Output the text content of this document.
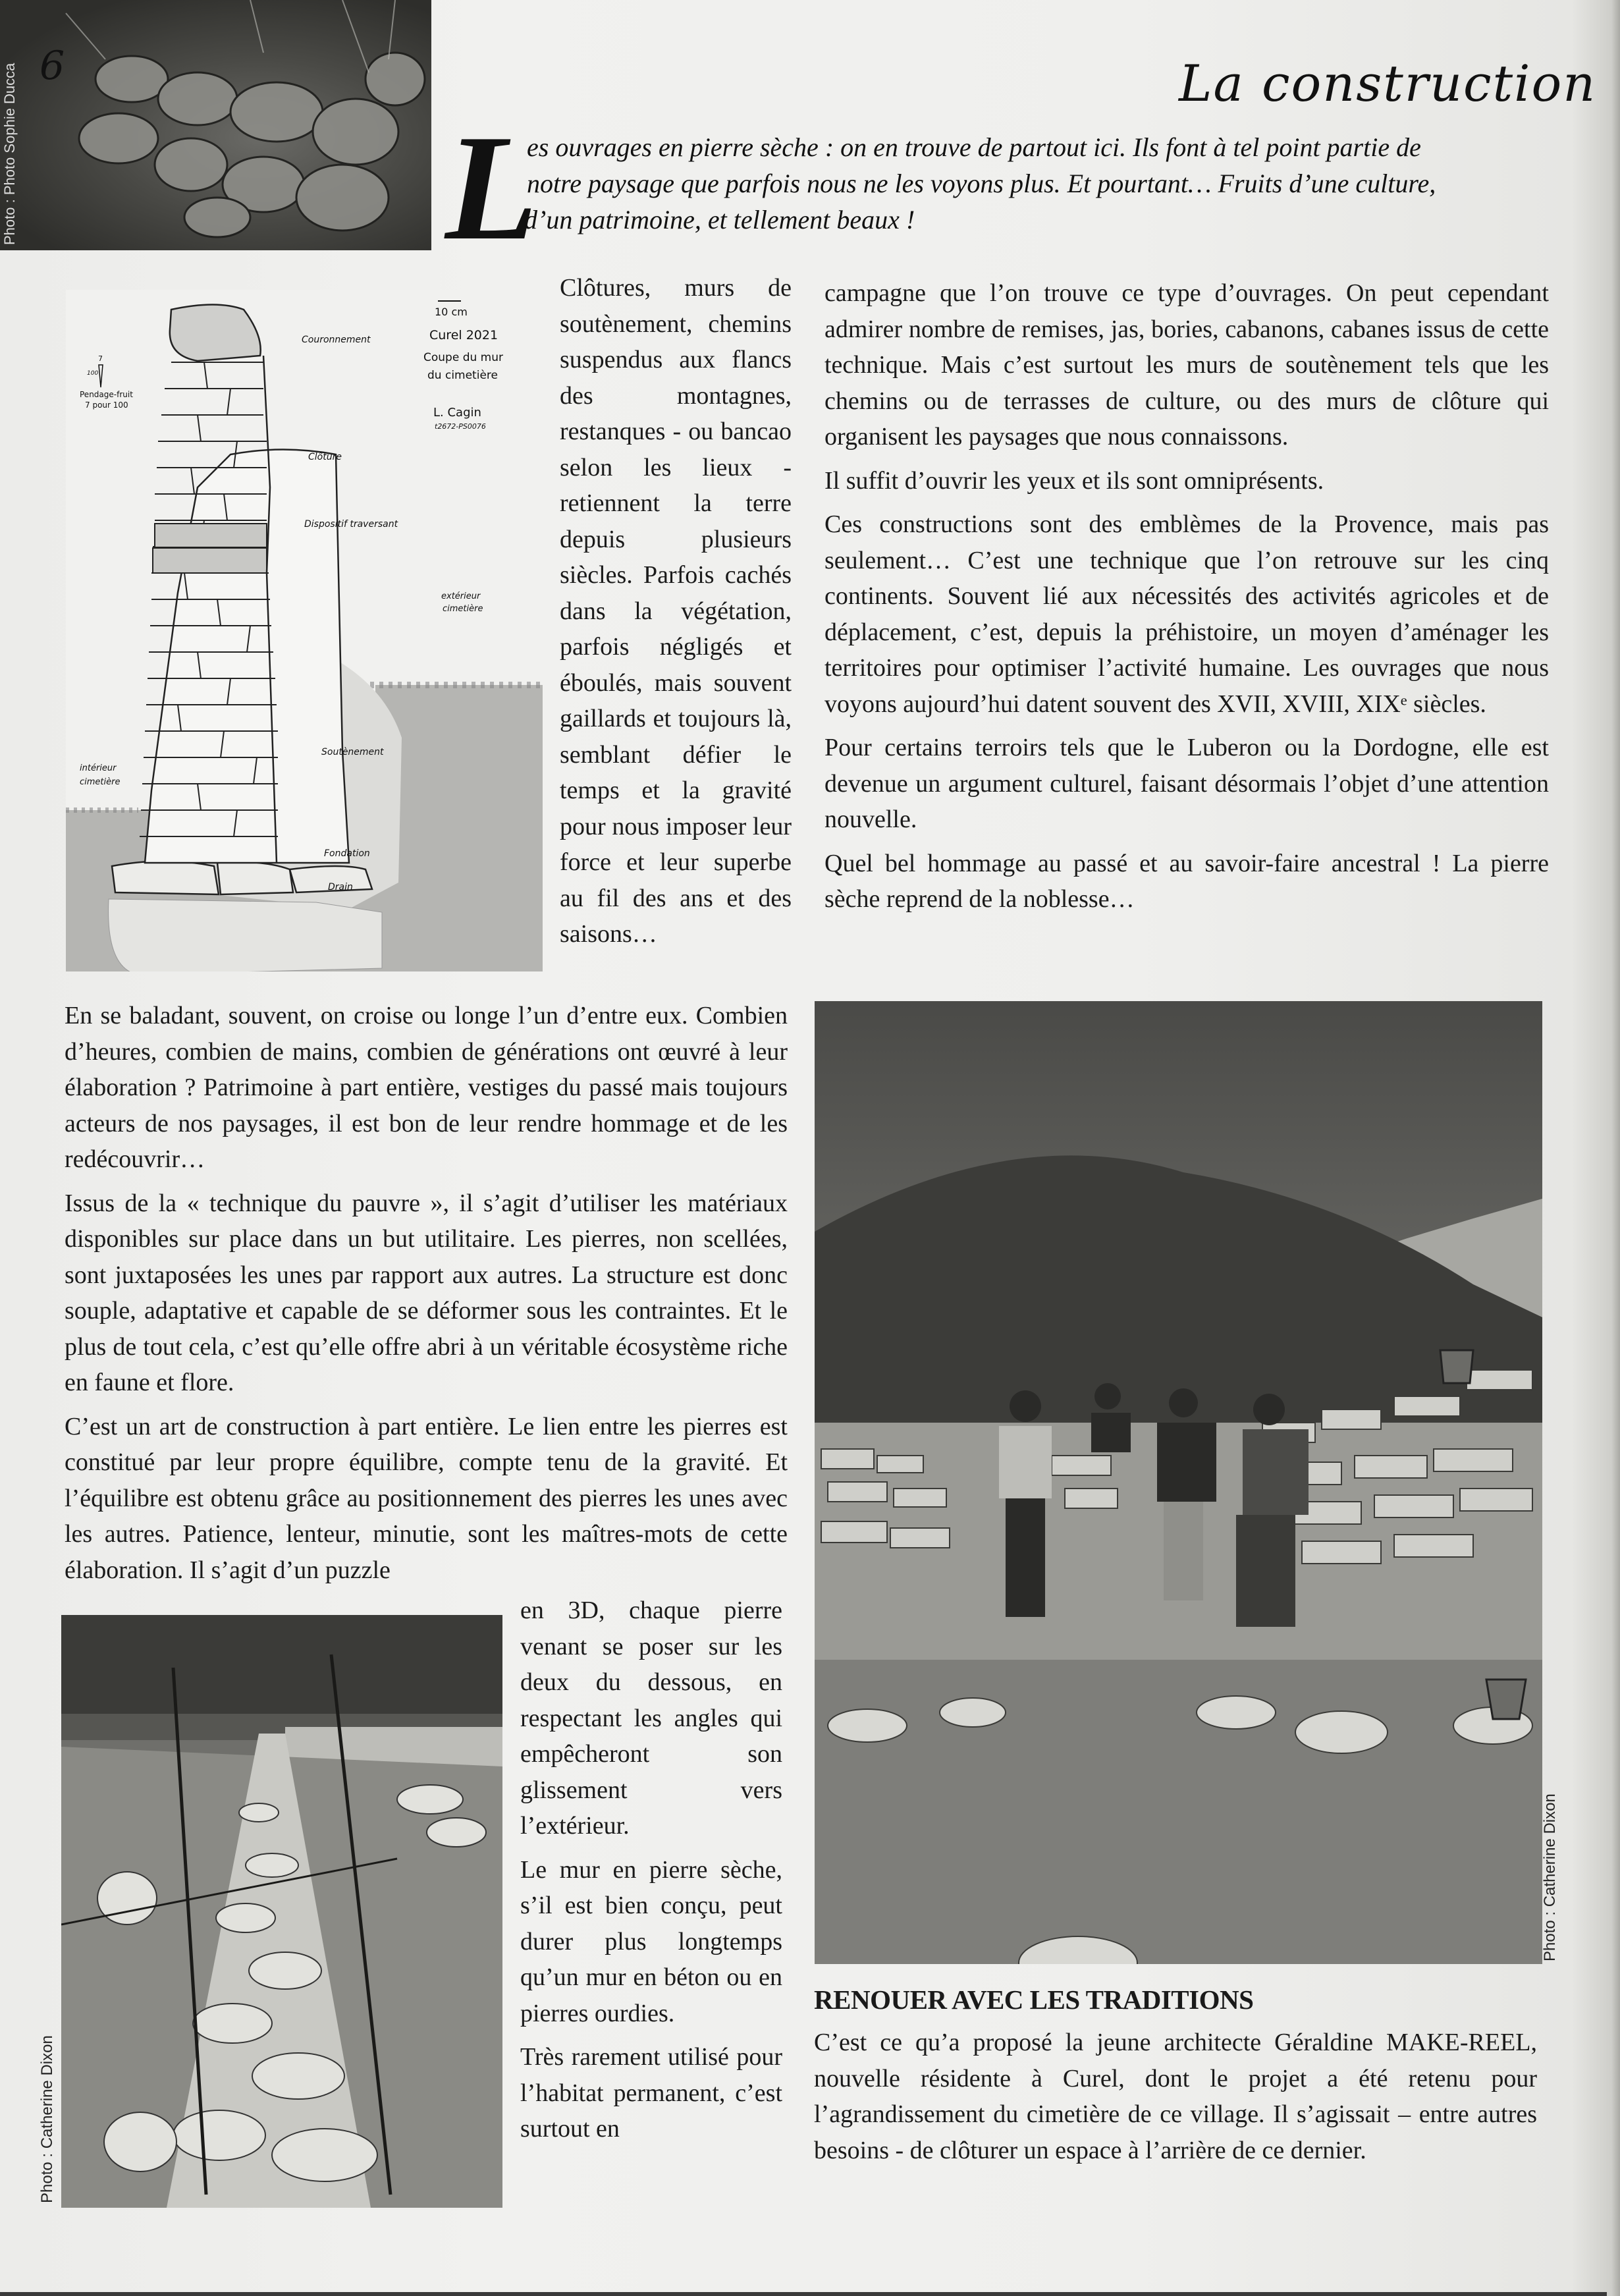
6
Photo : Photo Sophie Ducca	La construction
L
es ouvrages en pierre sèche : on en trouve de partout ici. Ils font à tel point partie de
notre paysage que parfois nous ne les voyons plus. Et pourtant… Fruits d’une culture,
d’un patrimoine, et tellement beaux !
10 cm
Curel 2021
Coupe du mur
du cimetière
L. Cagin
t2672-PS0076
7
100
Pendage-fruit
7 pour 100
Couronnement
Clôture
Dispositif traversant
extérieur
cimetière
Soutènement
intérieur
cimetière
Fondation
Drain

Clôtures, murs de soutènement, chemins suspendus aux flancs des montagnes, restanques - ou bancao selon les lieux - retiennent la terre depuis plusieurs siècles. Parfois cachés dans la végétation, parfois négligés et éboulés, mais souvent gaillards et toujours là, semblant défier le temps et la gravité pour nous imposer leur force et leur superbe au fil des ans et des saisons…

En se baladant, souvent, on croise ou longe l’un d’entre eux. Combien d’heures, combien de mains, combien de générations ont œuvré à leur élaboration ? Patrimoine à part entière, vestiges du passé mais toujours acteurs de nos paysages, il est bon de leur rendre hommage et de les redécouvrir…

Issus de la « technique du pauvre », il s’agit d’utiliser les matériaux disponibles sur place dans un but utilitaire. Les pierres, non scellées, sont juxtaposées les unes par rapport aux autres. La structure est donc souple, adaptative et capable de se déformer sous les contraintes. Et le plus de tout cela, c’est qu’elle offre abri à un véritable écosystème riche en faune et flore.

C’est un art de construction à part entière. Le lien entre les pierres est constitué par leur propre équilibre, compte tenu de la gravité. Et l’équilibre est obtenu grâce au positionnement des pierres les unes avec les autres. Patience, lenteur, minutie, sont les maîtres-mots de cette élaboration. Il s’agit d’un puzzle

Photo : Catherine Dixon

en 3D, chaque pierre venant se poser sur les deux du dessous, en respectant les angles qui empêcheront son glissement vers l’extérieur.

Le mur en pierre sèche, s’il est bien conçu, peut durer plus longtemps qu’un mur en béton ou en pierres ourdies.

Très rarement utilisé pour l’habitat permanent, c’est surtout en

campagne que l’on trouve ce type d’ouvrages. On peut cependant admirer nombre de remises, jas, bories, cabanons, cabanes issus de cette technique. Mais c’est surtout les murs de soutènement tels que les chemins ou de terrasses de culture, ou des murs de clôture qui organisent les paysages que nous connaissons.

Il suffit d’ouvrir les yeux et ils sont omniprésents.

Ces constructions sont des emblèmes de la Provence, mais pas seulement… C’est une technique que l’on retrouve sur les cinq continents. Souvent lié aux nécessités des activités agricoles et de déplacement, c’est, depuis la préhistoire, un moyen d’aménager les territoires pour optimiser l’activité humaine. Les ouvrages que nous voyons aujourd’hui datent souvent des XVII, XVIII, XIXᵉ siècles.

Pour certains terroirs tels que le Luberon ou la Dordogne, elle est devenue un argument culturel, faisant désormais l’objet d’une attention nouvelle.

Quel bel hommage au passé et au savoir-faire ancestral ! La pierre sèche reprend de la noblesse…

Photo : Catherine Dixon
RENOUER AVEC LES TRADITIONS

C’est ce qu’a proposé la jeune architecte Géraldine MAKE-REEL, nouvelle résidente à Curel, dont le projet a été retenu pour l’agrandissement du cimetière de ce village. Il s’agissait – entre autres besoins - de clôturer un espace à l’arrière de ce dernier.
